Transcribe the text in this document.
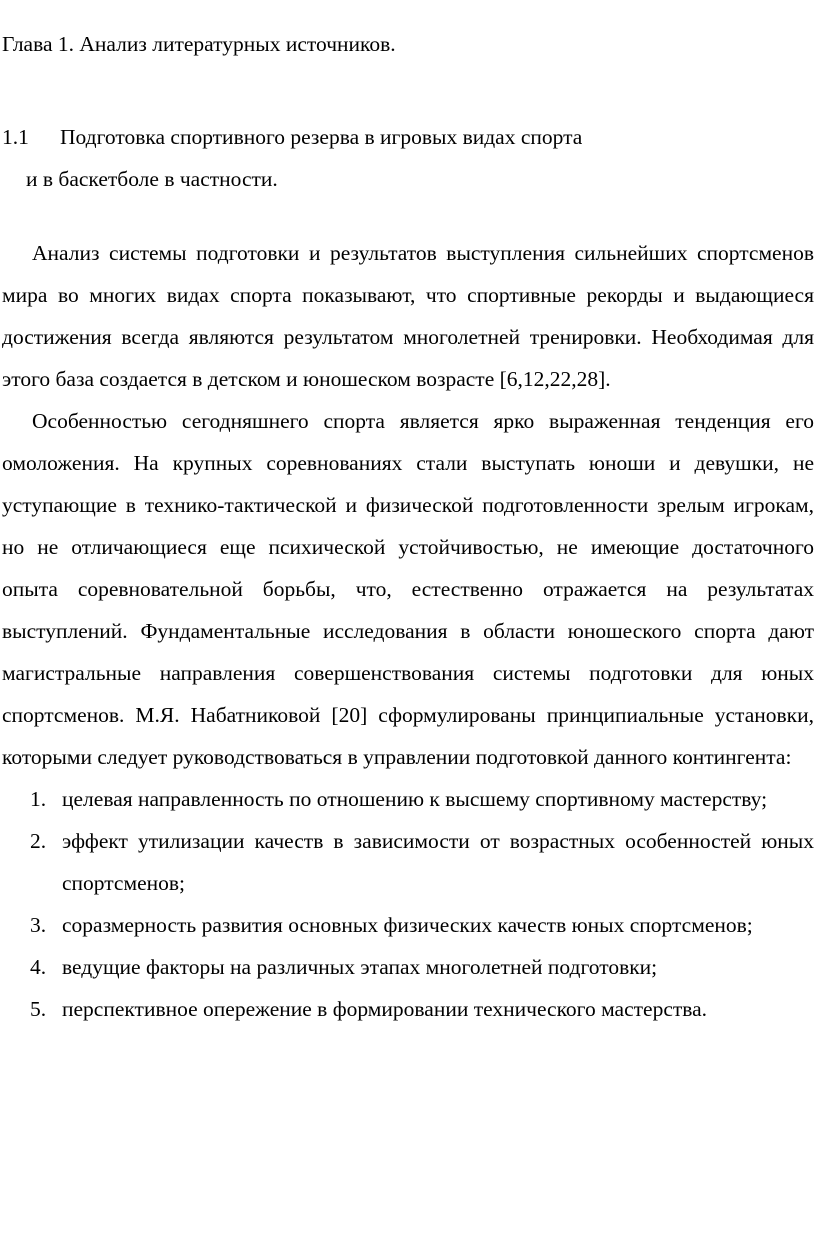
Глава 1. Анализ литературных источников.
1.1 Подготовка спортивного резерва в игровых видах спорта
и в баскетболе в частности.

Анализ системы подготовки и результатов выступления сильнейших спортсменов мира во многих видах спорта показывают, что спортивные рекорды и выдающиеся достижения всегда являются результатом многолетней тренировки. Необходимая для этого база создается в детском и юношеском возрасте [6,12,22,28].

Особенностью сегодняшнего спорта является ярко выраженная тенденция его омоложения. На крупных соревнованиях стали выступать юноши и девушки, не уступающие в технико-тактической и физической подготовленности зрелым игрокам, но не отличающиеся еще психической устойчивостью, не имеющие достаточного опыта соревновательной борьбы, что, естественно отражается на результатах выступлений. Фундаментальные исследования в области юношеского спорта дают магистральные направления совершенствования системы подготовки для юных спортсменов. М.Я. Набатниковой [20] сформулированы принципиальные установки, которыми следует руководствоваться в управлении подготовкой данного контингента:

1. целевая направленность по отношению к высшему спортивному мастерству;
2. эффект утилизации качеств в зависимости от возрастных особенностей юных спортсменов;
3. соразмерность развития основных физических качеств юных спортсменов;
4. ведущие факторы на различных этапах многолетней подготовки;
5. перспективное опережение в формировании технического мастерства.
